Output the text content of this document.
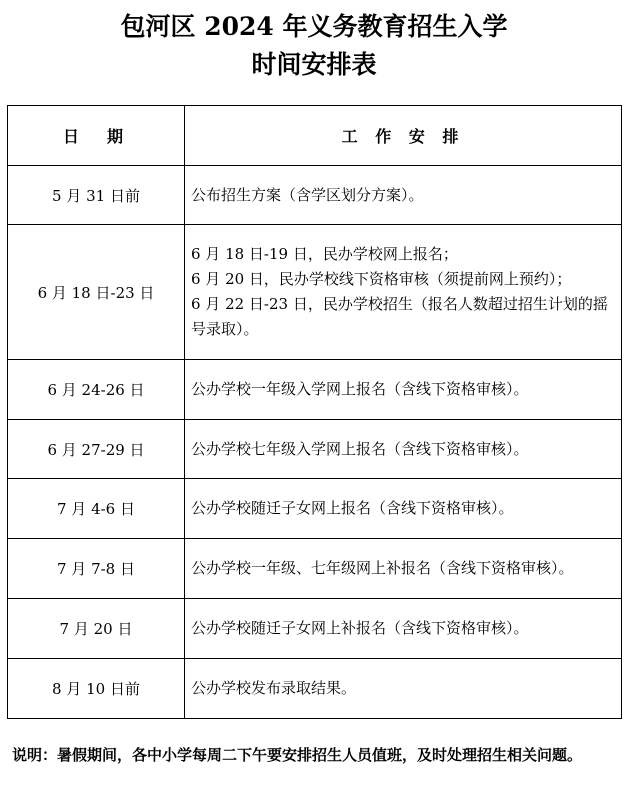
包河区 2024 年义务教育招生入学
时间安排表
日　期	工 作 安 排
5 月 31 日前	公布招生方案（含学区划分方案）。

6 月 18 日-23 日	6 月 18 日-19 日，民办学校网上报名；
6 月 20 日，民办学校线下资格审核（须提前网上预约）；
6 月 22 日-23 日，民办学校招生（报名人数超过招生计划的摇号录取）。

6 月 24-26 日	公办学校一年级入学网上报名（含线下资格审核）。

6 月 27-29 日	公办学校七年级入学网上报名（含线下资格审核）。

7 月 4-6 日	公办学校随迁子女网上报名（含线下资格审核）。

7 月 7-8 日	公办学校一年级、七年级网上补报名（含线下资格审核）。

7 月 20 日	公办学校随迁子女网上补报名（含线下资格审核）。

8 月 10 日前	公办学校发布录取结果。
说明：暑假期间，各中小学每周二下午要安排招生人员值班，及时处理招生相关问题。
